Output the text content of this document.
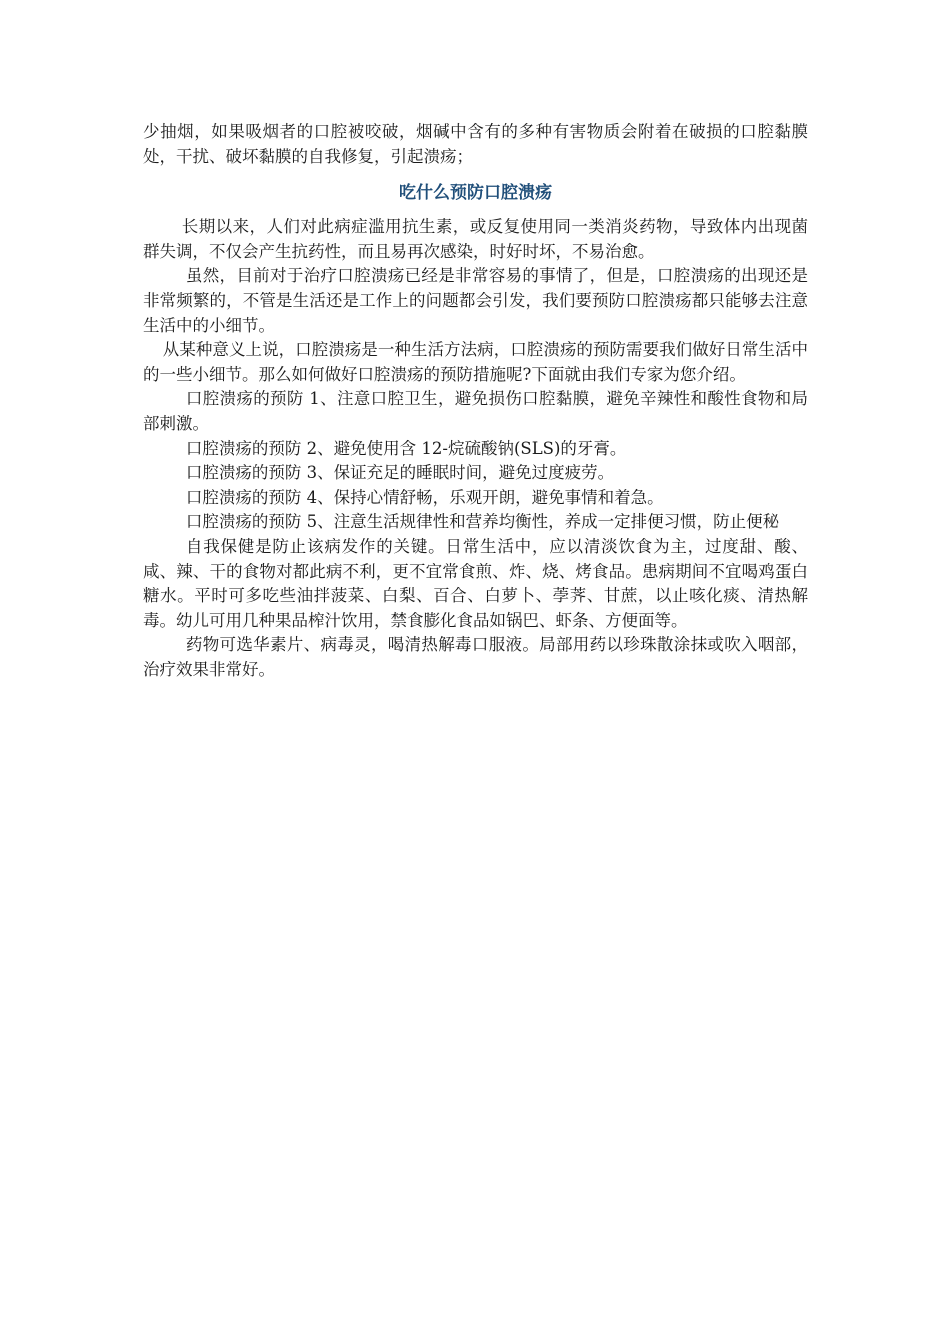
少抽烟，如果吸烟者的口腔被咬破，烟碱中含有的多种有害物质会附着在破损的口腔黏膜处，干扰、破坏黏膜的自我修复，引起溃疡；

吃什么预防口腔溃疡

长期以来，人们对此病症滥用抗生素，或反复使用同一类消炎药物，导致体内出现菌群失调，不仅会产生抗药性，而且易再次感染，时好时坏，不易治愈。

虽然，目前对于治疗口腔溃疡已经是非常容易的事情了，但是，口腔溃疡的出现还是非常频繁的，不管是生活还是工作上的问题都会引发，我们要预防口腔溃疡都只能够去注意生活中的小细节。

从某种意义上说，口腔溃疡是一种生活方法病，口腔溃疡的预防需要我们做好日常生活中的一些小细节。那么如何做好口腔溃疡的预防措施呢?下面就由我们专家为您介绍。

口腔溃疡的预防 1、注意口腔卫生，避免损伤口腔黏膜，避免辛辣性和酸性食物和局部刺激。

口腔溃疡的预防 2、避免使用含 12-烷硫酸钠(SLS)的牙膏。

口腔溃疡的预防 3、保证充足的睡眠时间，避免过度疲劳。

口腔溃疡的预防 4、保持心情舒畅，乐观开朗，避免事情和着急。

口腔溃疡的预防 5、注意生活规律性和营养均衡性，养成一定排便习惯，防止便秘

自我保健是防止该病发作的关键。日常生活中，应以清淡饮食为主，过度甜、酸、咸、辣、干的食物对都此病不利，更不宜常食煎、炸、烧、烤食品。患病期间不宜喝鸡蛋白糖水。平时可多吃些油拌菠菜、白梨、百合、白萝卜、荸荠、甘蔗，以止咳化痰、清热解毒。幼儿可用几种果品榨汁饮用，禁食膨化食品如锅巴、虾条、方便面等。

药物可选华素片、病毒灵，喝清热解毒口服液。局部用药以珍珠散涂抹或吹入咽部，治疗效果非常好。
